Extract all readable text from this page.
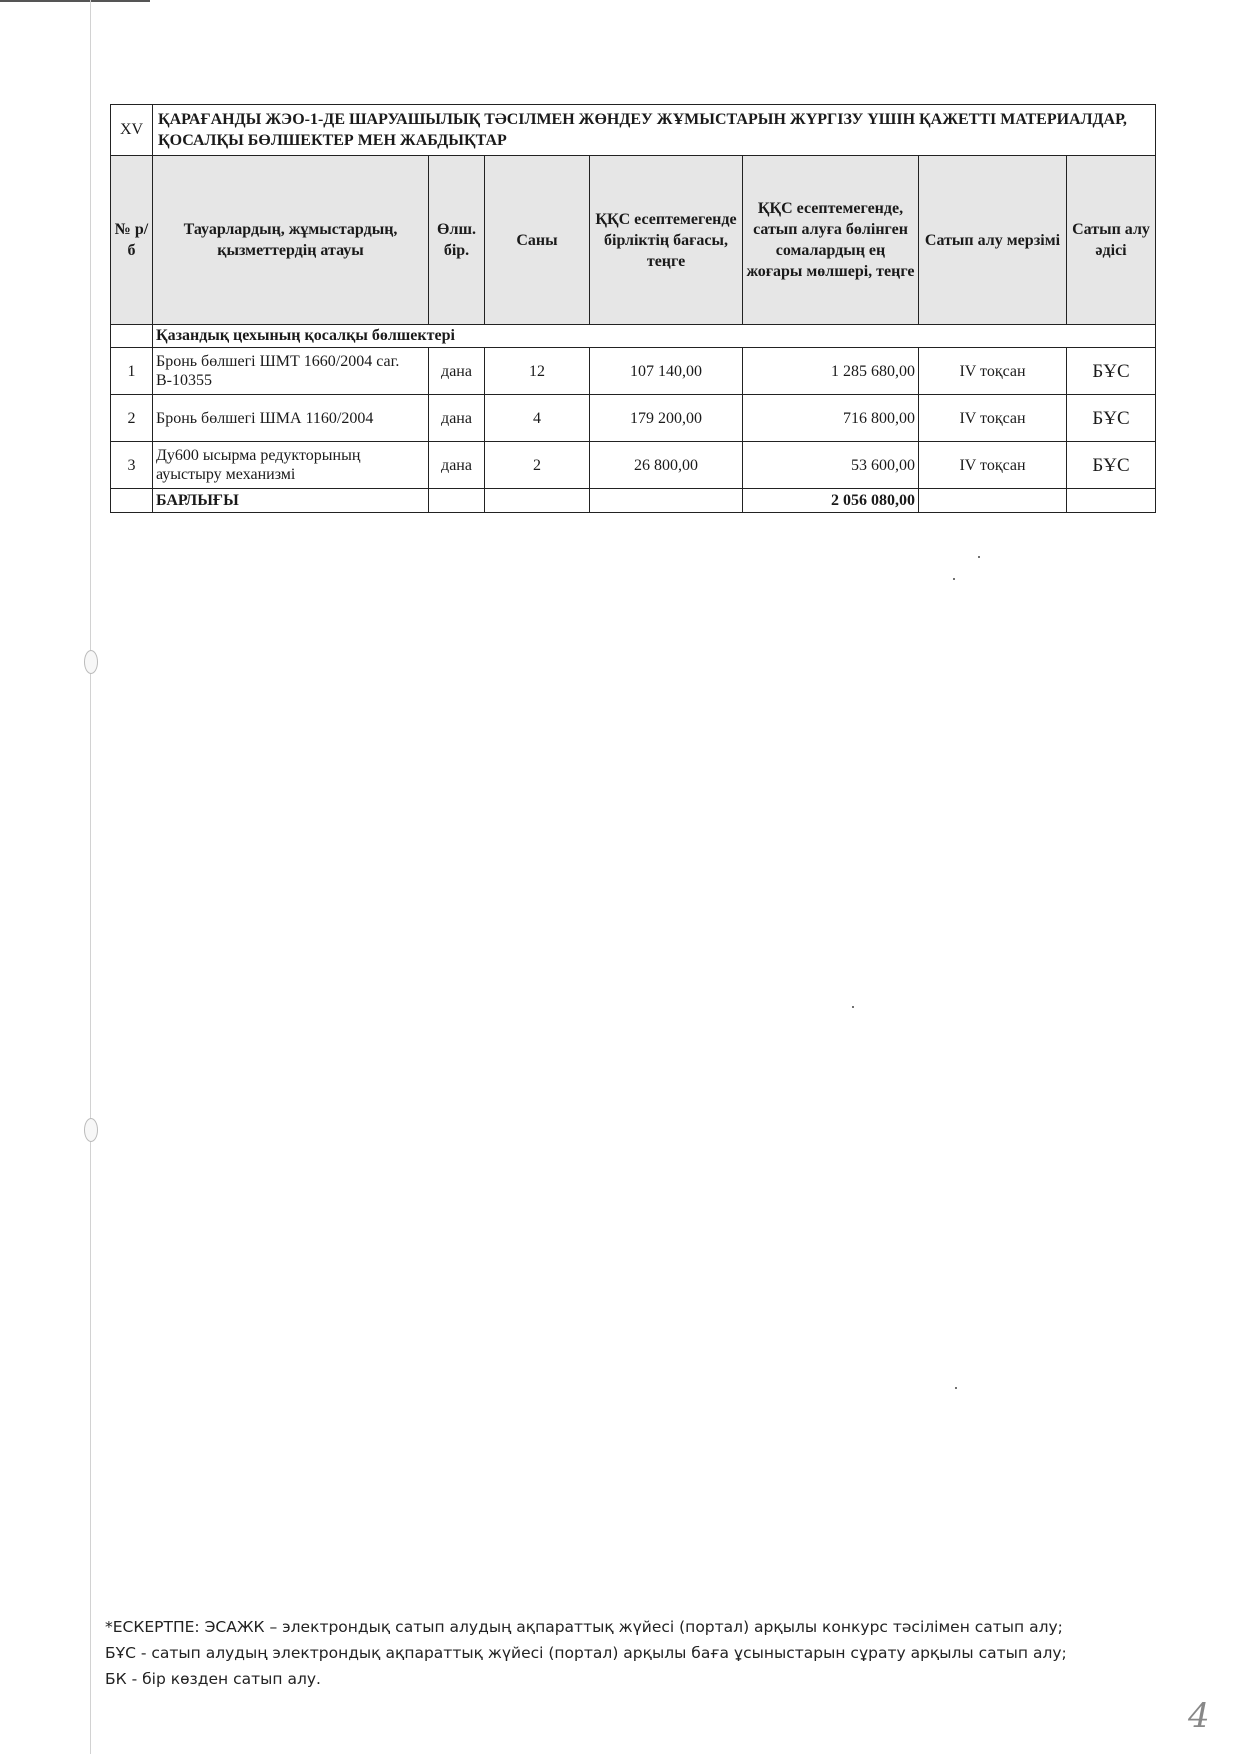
XV	ҚАРАҒАНДЫ ЖЭО-1-ДЕ ШАРУАШЫЛЫҚ ТӘСІЛМЕН ЖӨНДЕУ ЖҰМЫСТАРЫН ЖҮРГІЗУ ҮШІН ҚАЖЕТТІ МАТЕРИАЛДАР, ҚОСАЛҚЫ БӨЛШЕКТЕР МЕН ЖАБДЫҚТАР						
№ р/б	Тауарлардың, жұмыстардың, қызметтердің атауы	Өлш. бір.	Саны	ҚҚС есептемегенде бірліктің бағасы, теңге	ҚҚС есептемегенде, сатып алуға бөлінген сомалардың ең жоғары мөлшері, теңге	Сатып алу мерзімі	Сатып алу әдісі
	Қазандық цехының қосалқы бөлшектері						
1	Бронь бөлшегі ШМТ 1660/2004 саг. В-10355	дана	12	107 140,00	1 285 680,00	IV тоқсан	БҰС
2	Бронь бөлшегі ШМА 1160/2004	дана	4	179 200,00	716 800,00	IV тоқсан	БҰС
3	Ду600 ысырма редукторының ауыстыру механизмі	дана	2	26 800,00	53 600,00	IV тоқсан	БҰС
	БАРЛЫҒЫ				2 056 080,00		
*ЕСКЕРТПЕ: ЭСАЖК – электрондық сатып алудың ақпараттық жүйесі (портал) арқылы конкурс тәсілімен сатып алу;
БҰС - сатып алудың электрондық ақпараттық жүйесі (портал) арқылы баға ұсыныстарын сұрату арқылы сатып алу;
БК - бір көзден сатып алу.
4
